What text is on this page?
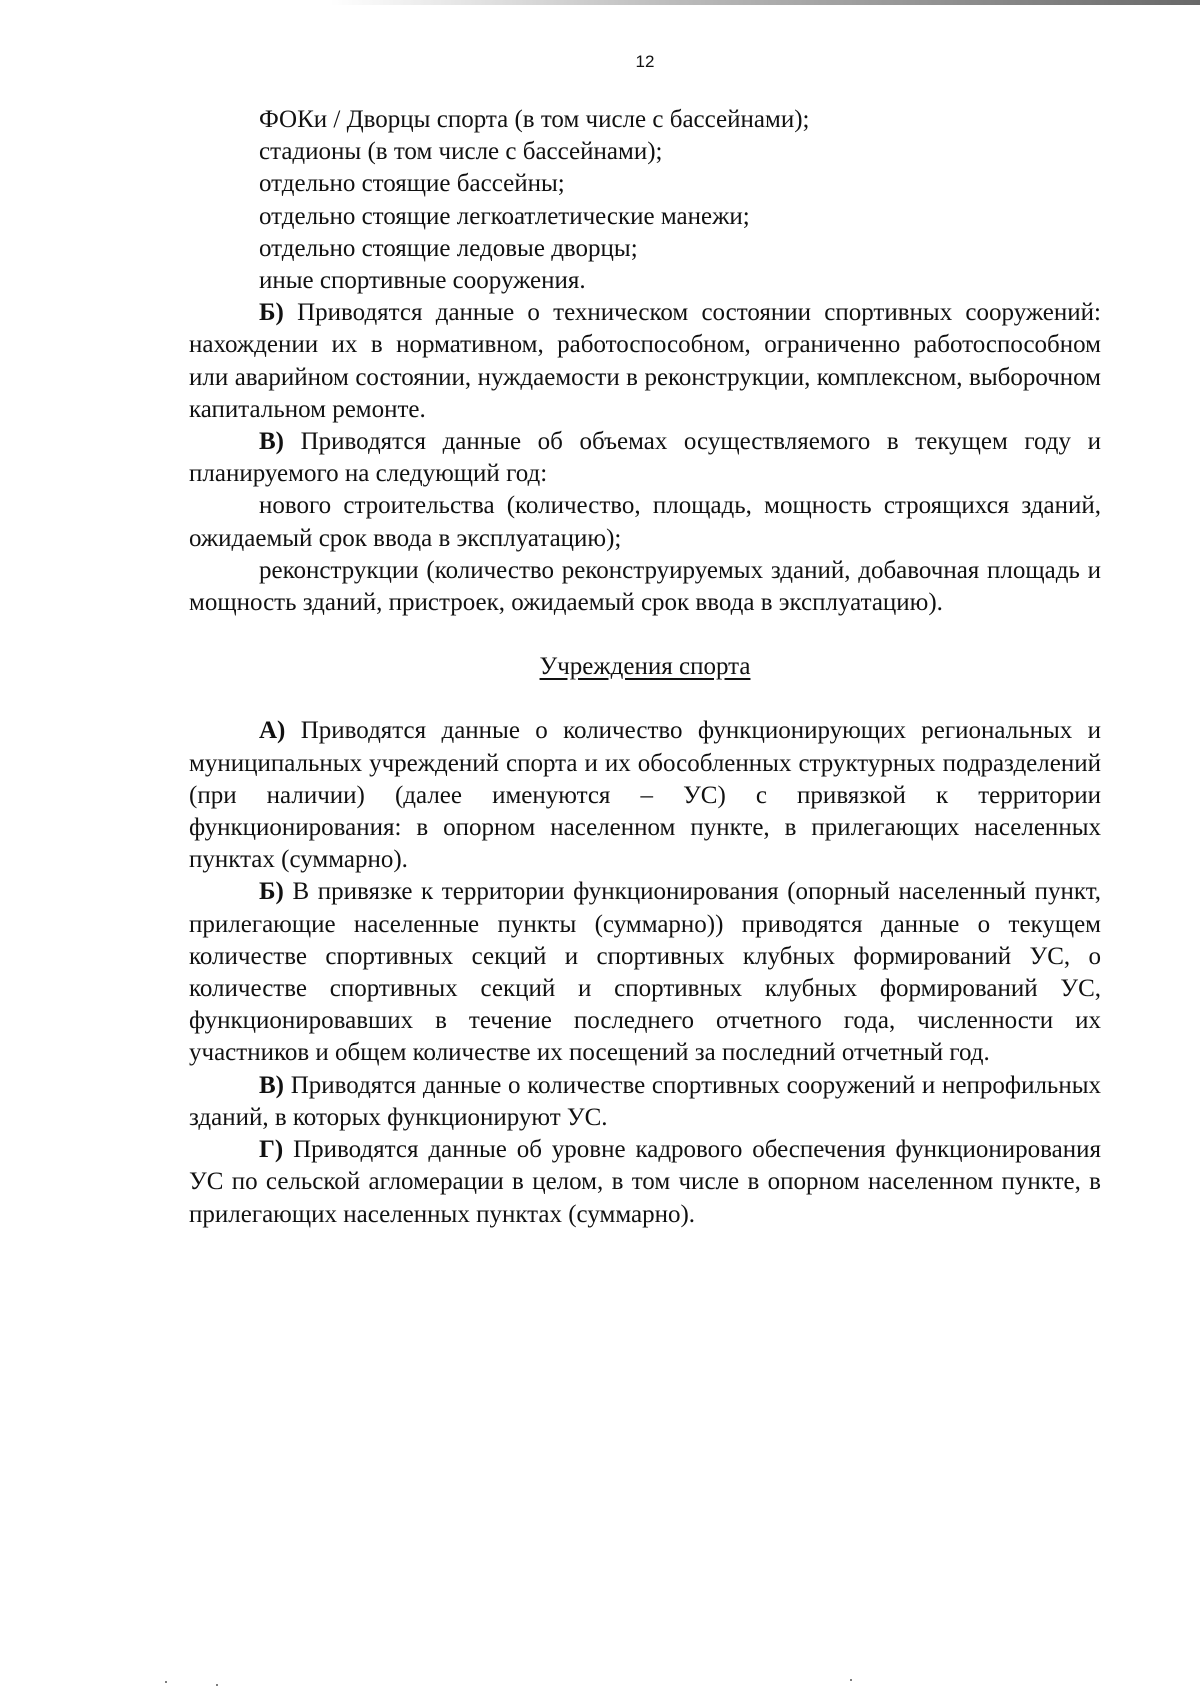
12

ФОКи / Дворцы спорта (в том числе с бассейнами);

стадионы (в том числе с бассейнами);

отдельно стоящие бассейны;

отдельно стоящие легкоатлетические манежи;

отдельно стоящие ледовые дворцы;

иные спортивные сооружения.

Б) Приводятся данные о техническом состоянии спортивных сооружений: нахождении их в нормативном, работоспособном, ограниченно работоспособном или аварийном состоянии, нуждаемости в реконструкции, комплексном, выборочном капитальном ремонте.

В) Приводятся данные об объемах осуществляемого в текущем году и планируемого на следующий год:

нового строительства (количество, площадь, мощность строящихся зданий, ожидаемый срок ввода в эксплуатацию);

реконструкции (количество реконструируемых зданий, добавочная площадь и мощность зданий, пристроек, ожидаемый срок ввода в эксплуатацию).

Учреждения спорта

А) Приводятся данные о количество функционирующих региональных и муниципальных учреждений спорта и их обособленных структурных подразделений (при наличии) (далее именуются – УС) с привязкой к территории функционирования: в опорном населенном пункте, в прилегающих населенных пунктах (суммарно).

Б) В привязке к территории функционирования (опорный населенный пункт, прилегающие населенные пункты (суммарно)) приводятся данные о текущем количестве спортивных секций и спортивных клубных формирований УС, о количестве спортивных секций и спортивных клубных формирований УС, функционировавших в течение последнего отчетного года, численности их участников и общем количестве их посещений за последний отчетный год.

В) Приводятся данные о количестве спортивных сооружений и непрофильных зданий, в которых функционируют УС.

Г) Приводятся данные об уровне кадрового обеспечения функционирования УС по сельской агломерации в целом, в том числе в опорном населенном пункте, в прилегающих населенных пунктах (суммарно).
